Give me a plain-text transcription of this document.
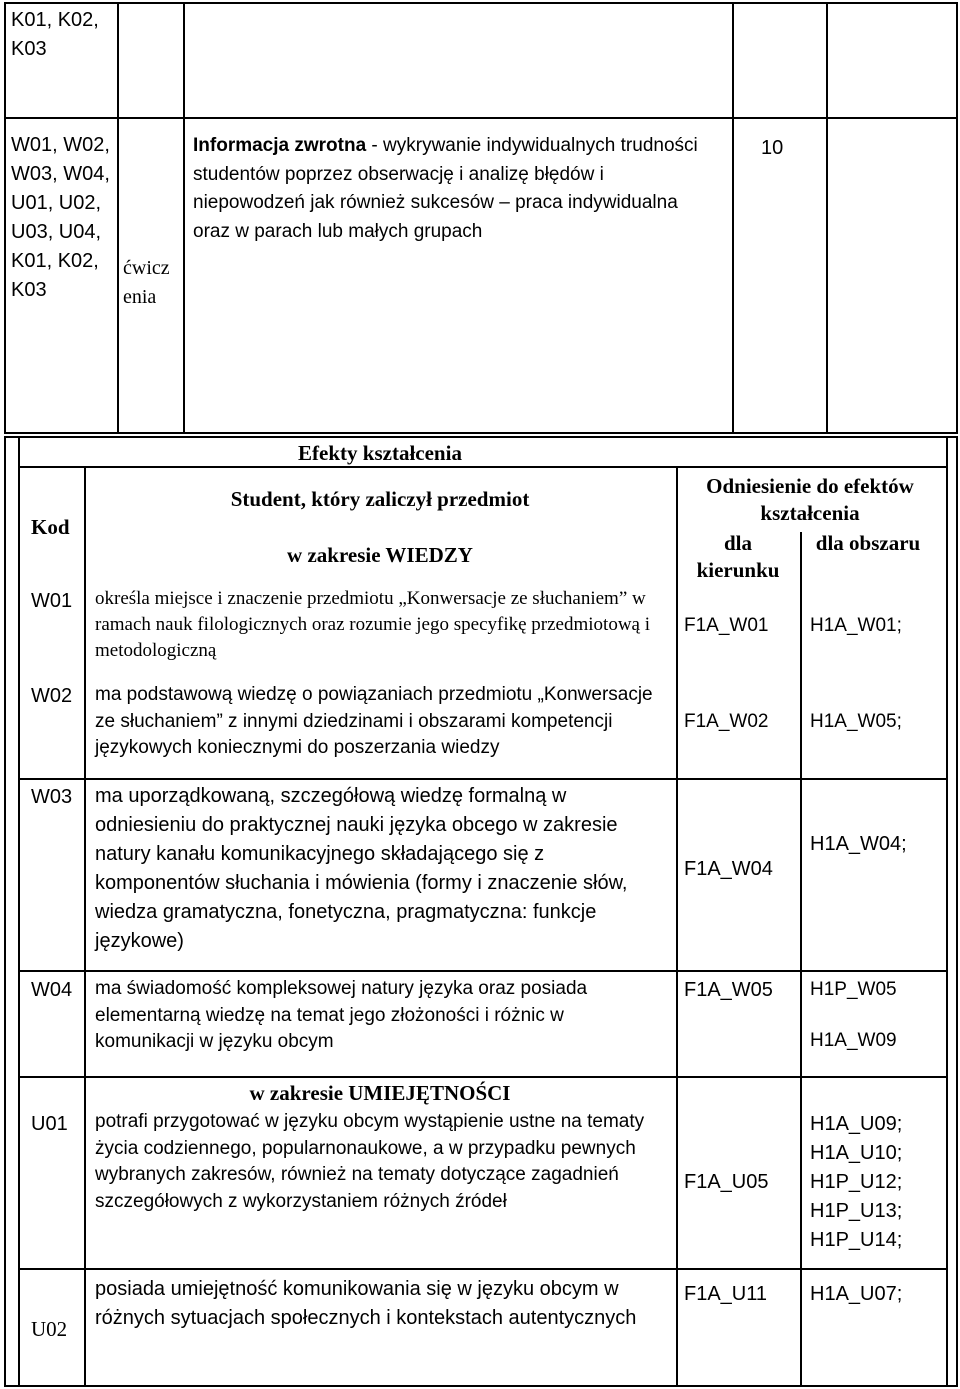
K01, K02, K03
W01, W02, W03, W04, U01, U02, U03, U04, K01, K02, K03
ćwicz enia
Informacja zwrotna - wykrywanie indywidualnych trudności studentów poprzez obserwację i analizę błędów i niepowodzeń jak również sukcesów – praca indywidualna oraz w parach lub małych grupach
10
Efekty kształcenia
Kod
Student, który zaliczył przedmiot
w zakresie WIEDZY
Odniesienie do efektów kształcenia
dla kierunku
dla obszaru
W01 określa miejsce i znaczenie przedmiotu „Konwersacje ze słuchaniem” w ramach nauk filologicznych oraz rozumie jego specyfikę przedmiotową i metodologiczną
F1A_W01 H1A_W01;
W02 ma podstawową wiedzę o powiązaniach przedmiotu „Konwersacje ze słuchaniem” z innymi dziedzinami i obszarami kompetencji językowych koniecznymi do poszerzania wiedzy
F1A_W02 H1A_W05;
W03 ma uporządkowaną, szczegółową wiedzę formalną w odniesieniu do praktycznej nauki języka obcego w zakresie natury kanału komunikacyjnego składającego się z komponentów słuchania i mówienia (formy i znaczenie słów, wiedza gramatyczna, fonetyczna, pragmatyczna: funkcje językowe)
F1A_W04
H1A_W04;
W04 ma świadomość kompleksowej natury języka oraz posiada elementarną wiedzę na temat jego złożoności i różnic w komunikacji w języku obcym
F1A_W05 H1P_W05
H1A_W09
w zakresie UMIEJĘTNOŚCI
U01 potrafi przygotować w języku obcym wystąpienie ustne na tematy życia codziennego, popularnonaukowe, a w przypadku pewnych wybranych zakresów, również na tematy dotyczące zagadnień szczegółowych z wykorzystaniem różnych źródeł
F1A_U05
H1A_U09;
H1A_U10;
H1P_U12;
H1P_U13;
H1P_U14;
U02
posiada umiejętność komunikowania się w języku obcym w różnych sytuacjach społecznych i kontekstach autentycznych
F1A_U11 H1A_U07;
